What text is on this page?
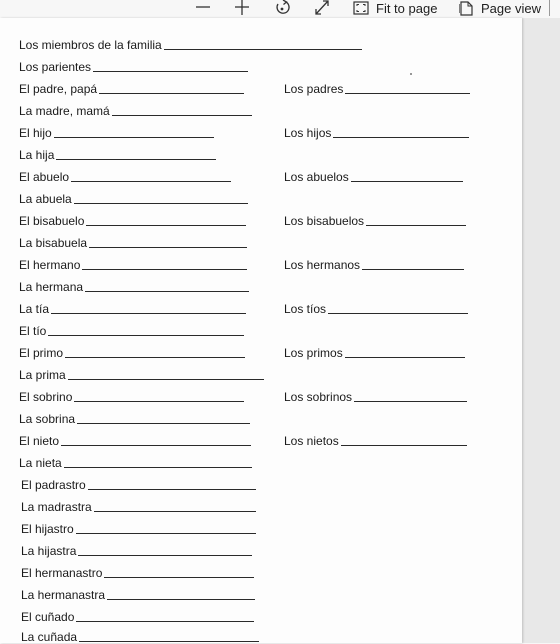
Fit to page	Page view
Los miembros de la familia
Los parientes
El padre, papá	Los padres
La madre, mamá
El hijo	Los hijos
La hija
El abuelo	Los abuelos
La abuela
El bisabuelo	Los bisabuelos
La bisabuela
El hermano	Los hermanos
La hermana
La tía	Los tíos
El tío
El primo	Los primos
La prima
El sobrino	Los sobrinos
La sobrina
El nieto	Los nietos
La nieta
El padrastro
La madrastra
El hijastro
La hijastra
El hermanastro
La hermanastra
El cuñado
La cuñada
